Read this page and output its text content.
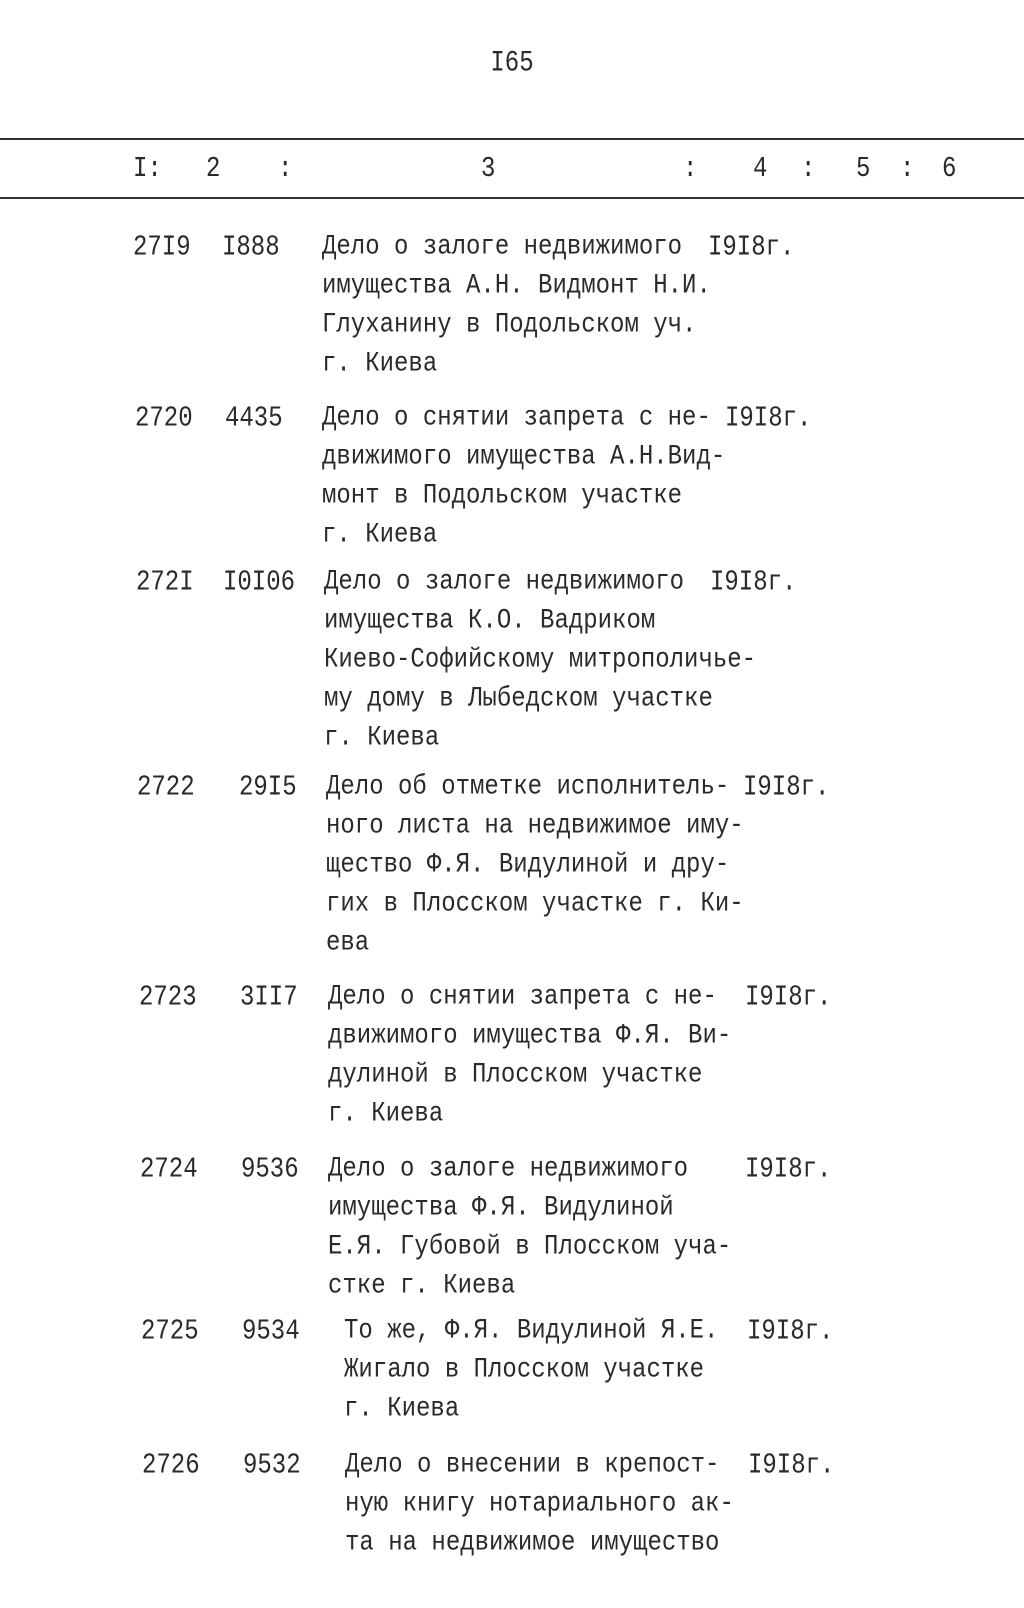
I65
I: 2 :	3	: 4 : 5 : 6
27I9 I888 Дело о залоге недвижимого
имущества А.Н. Видмонт Н.И.
Глуханину в Подольском уч.
г. Киева
I9I8г.
2720 4435 Дело о снятии запрета с не-
движимого имущества А.Н.Вид-
монт в Подольском участке
г. Киева
I9I8г.
272I I0I06 Дело о залоге недвижимого
имущества К.О. Вадриком
Киево-Софийскому митрополичье-
му дому в Лыбедском участке
г. Киева
I9I8г.
2722 29I5 Дело об отметке исполнитель-
ного листа на недвижимое иму-
щество Ф.Я. Видулиной и дру-
гих в Плосском участке г. Ки-
ева
I9I8г.
2723 3II7 Дело о снятии запрета с не-
движимого имущества Ф.Я. Ви-
дулиной в Плосском участке
г. Киева
I9I8г.
2724 9536 Дело о залоге недвижимого
имущества Ф.Я. Видулиной
Е.Я. Губовой в Плосском уча-
стке г. Киева
I9I8г.
2725 9534 То же, Ф.Я. Видулиной Я.Е.
Жигало в Плосском участке
г. Киева
I9I8г.
2726 9532 Дело о внесении в крепост-
ную книгу нотариального ак-
та на недвижимое имущество
I9I8г.
